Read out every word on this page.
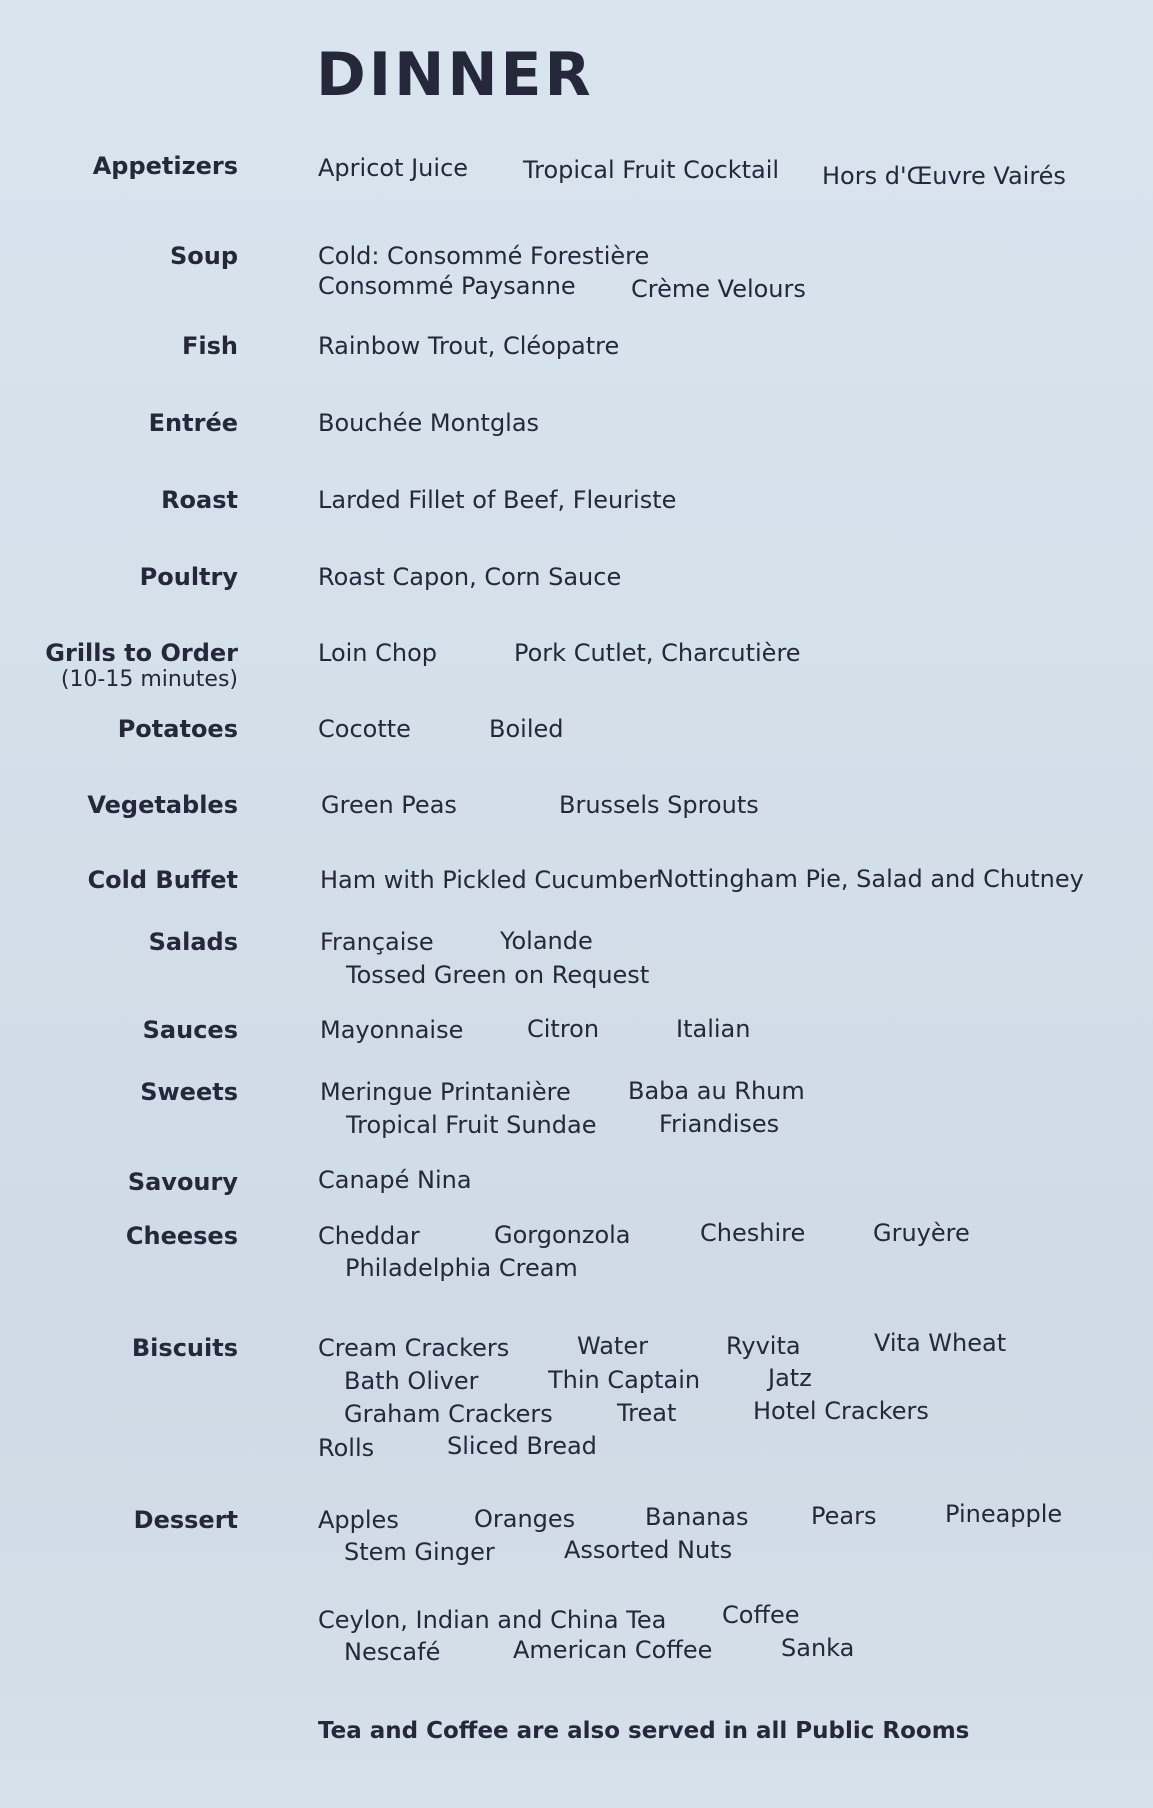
DINNER
Appetizers	Apricot Juice Tropical Fruit Cocktail Hors d'Œuvre Vairés
Soup	Cold: Consommé Forestière
Consommé Paysanne Crème Velours
Fish	Rainbow Trout, Cléopatre
Entrée	Bouchée Montglas
Roast	Larded Fillet of Beef, Fleuriste
Poultry	Roast Capon, Corn Sauce
Grills to Order
(10-15 minutes)
Loin Chop	Pork Cutlet, Charcutière
Potatoes	Cocotte	Boiled
Vegetables	Green Peas	Brussels Sprouts
Cold Buffet	Ham with Pickled Cucumber
Nottingham Pie, Salad and Chutney
Salads	Française	Yolande
Tossed Green on Request
Sauces	Mayonnaise	Citron	Italian
Sweets	Meringue Printanière Baba au Rhum
Tropical Fruit Sundae	Friandises
Savoury	Canapé Nina
Cheeses	Cheddar	Gorgonzola	Cheshire	Gruyère
Philadelphia Cream
Biscuits	Cream Crackers	Water	Ryvita	Vita Wheat
Bath Oliver	Thin Captain	Jatz
Graham Crackers	Treat	Hotel Crackers
Rolls	Sliced Bread
Dessert	Apples	Oranges	Bananas	Pears	Pineapple
Stem Ginger	Assorted Nuts
Ceylon, Indian and China Tea Coffee
Nescafé	American Coffee	Sanka
Tea and Coffee are also served in all Public Rooms
